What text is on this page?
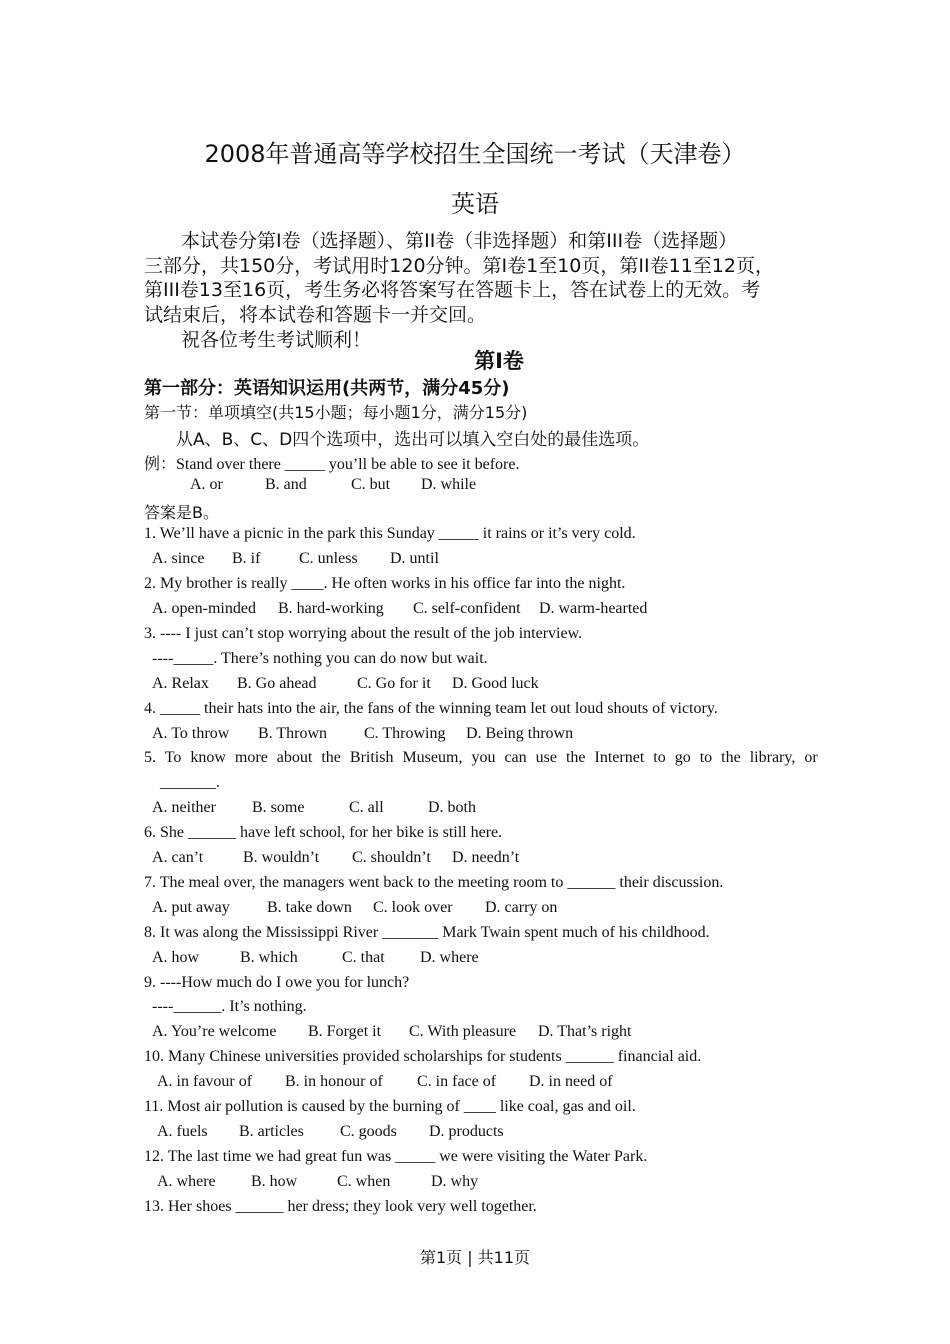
2008年普通高等学校招生全国统一考试（天津卷）
英语
本试卷分第Ⅰ卷（选择题）、第ⅠI卷（非选择题）和第ⅠII卷（选择题）
三部分，共150分，考试用时120分钟。第Ⅰ卷1至10页，第II卷11至12页，
第III卷13至16页，考生务必将答案写在答题卡上，答在试卷上的无效。考
试结束后，将本试卷和答题卡一并交回。
祝各位考生考试顺利！
第Ⅰ卷
第一部分：英语知识运用(共两节，满分45分)
第一节：单项填空(共15小题；每小题1分，满分15分)
从A、B、C、D四个选项中，选出可以填入空白处的最佳选项。
例：Stand over there _____ you’ll be able to see it before.
A. or	B. and	C. but D. while
答案是B。
1. We’ll have a picnic in the park this Sunday _____ it rains or it’s very cold.
A. since B. if C. unless D. until
2. My brother is really ____. He often works in his office far into the night.
A. open-minded B. hard-working C. self-confident D. warm-hearted
3. ---- I just can’t stop worrying about the result of the job interview.
----_____. There’s nothing you can do now but wait.
A. Relax B. Go ahead	C. Go for it D. Good luck
4. _____ their hats into the air, the fans of the winning team let out loud shouts of victory.
A. To throw B. Thrown C. Throwing D. Being thrown
5. To know more about the British Museum, you can use the Internet to go to the library, or
_______.
A. neither B. some	C. all	D. both
6. She ______ have left school, for her bike is still here.
A. can’t B. wouldn’t C. shouldn’t D. needn’t
7. The meal over, the managers went back to the meeting room to ______ their discussion.
A. put away B. take down C. look over D. carry on
8. It was along the Mississippi River _______ Mark Twain spent much of his childhood.
A. how	B. which	C. that D. where
9. ----How much do I owe you for lunch?
----______. It’s nothing.
A. You’re welcome B. Forget it C. With pleasure D. That’s right
10. Many Chinese universities provided scholarships for students ______ financial aid.
A. in favour of B. in honour of C. in face of D. in need of
11. Most air pollution is caused by the burning of ____ like coal, gas and oil.
A. fuels B. articles C. goods D. products
12. The last time we had great fun was _____ we were visiting the Water Park.
A. where B. how C. when	D. why
13. Her shoes ______ her dress; they look very well together.
第1页 | 共11页
